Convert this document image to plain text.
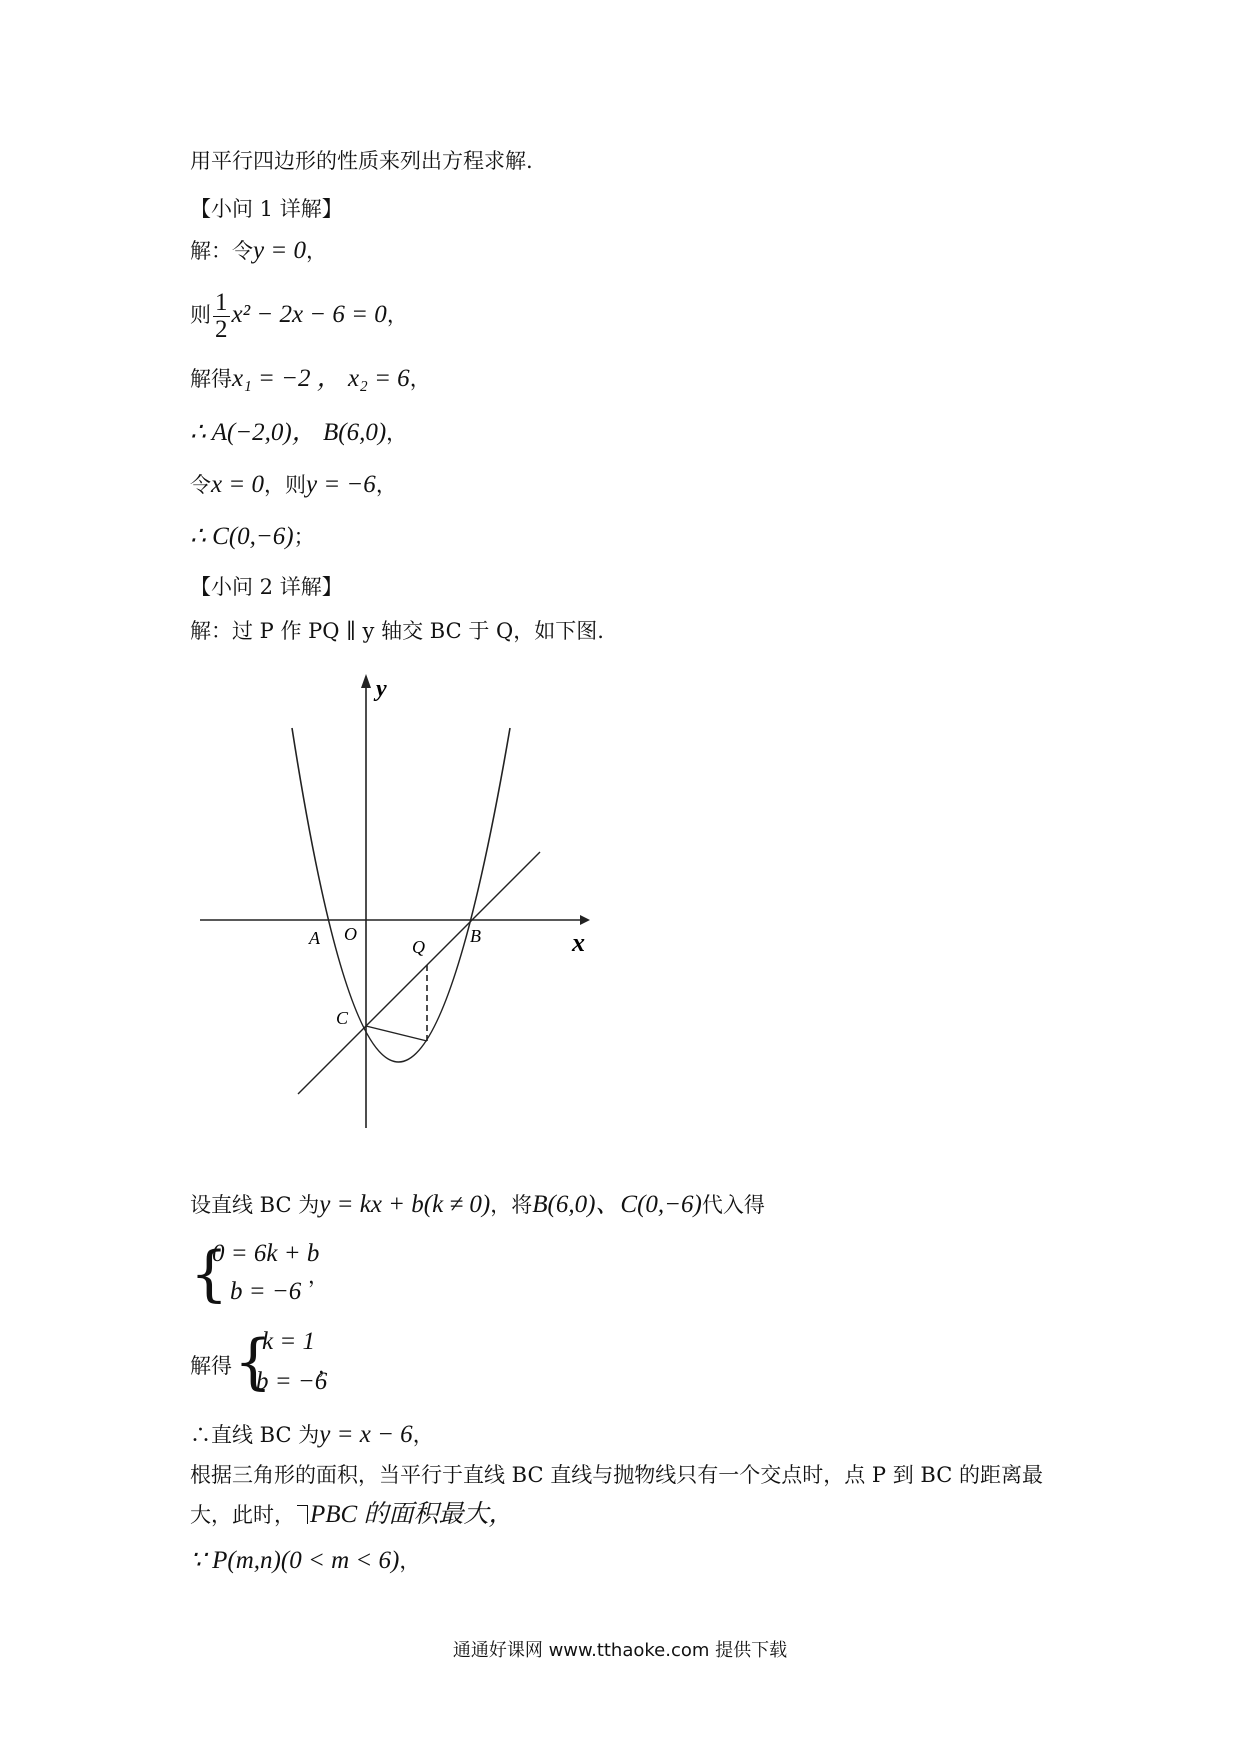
用平行四边形的性质来列出方程求解.
【小问 1 详解】
解：令y = 0，
则 $\frac{1}{2} x^2 - 2x - 6 = 0$，
解得x₁ = −2 ， x₂ = 6，
∴ A(−2,0)， B(6,0)，
令x = 0，则y = −6，
∴ C(0,−6)；
【小问 2 详解】
解：过 P 作 PQ ∥ y 轴交 BC 于 Q，如下图.
y
x
A O	B
Q
C
设直线 BC 为y = kx + b(k ≠ 0)，将B(6,0)、C(0,−6)代入得
{
0 = 6k + b
b = −6
，
解得 {
k = 1
b = −6
，
∴直线 BC 为y = x − 6，
根据三角形的面积，当平行于直线 BC 直线与抛物线只有一个交点时，点 P 到 BC 的距离最
大，此时， PBC 的面积最大，
∵ P(m,n)(0 < m < 6)，
通通好课网 www.tthaoke.com 提供下载
